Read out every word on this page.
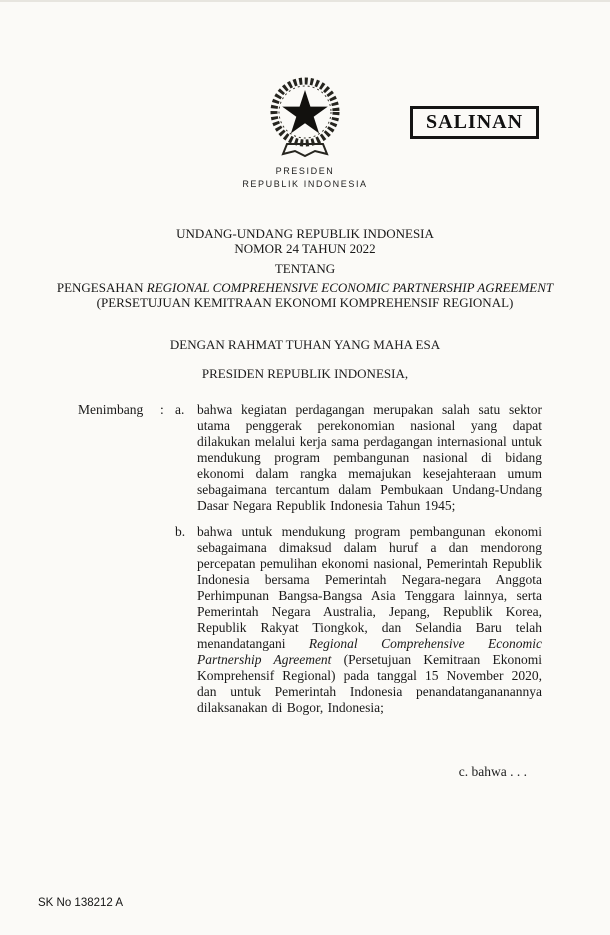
SALINAN
PRESIDEN
REPUBLIK INDONESIA
UNDANG-UNDANG REPUBLIK INDONESIA
NOMOR 24 TAHUN 2022
TENTANG
PENGESAHAN REGIONAL COMPREHENSIVE ECONOMIC PARTNERSHIP AGREEMENT
(PERSETUJUAN KEMITRAAN EKONOMI KOMPREHENSIF REGIONAL)
DENGAN RAHMAT TUHAN YANG MAHA ESA
PRESIDEN REPUBLIK INDONESIA,
Menimbang	: a. bahwa kegiatan perdagangan merupakan salah satu sektor utama penggerak perekonomian nasional yang dapat dilakukan melalui kerja sama perdagangan internasional untuk mendukung program pembangunan nasional di bidang ekonomi dalam rangka memajukan kesejahteraan umum sebagaimana tercantum dalam Pembukaan Undang-Undang Dasar Negara Republik Indonesia Tahun 1945;
b. bahwa untuk mendukung program pembangunan ekonomi sebagaimana dimaksud dalam huruf a dan mendorong percepatan pemulihan ekonomi nasional, Pemerintah Republik Indonesia bersama Pemerintah Negara-negara Anggota Perhimpunan Bangsa-Bangsa Asia Tenggara lainnya, serta Pemerintah Negara Australia, Jepang, Republik Korea, Republik Rakyat Tiongkok, dan Selandia Baru telah menandatangani Regional Comprehensive Economic Partnership Agreement (Persetujuan Kemitraan Ekonomi Komprehensif Regional) pada tanggal 15 November 2020, dan untuk Pemerintah Indonesia penandatangananannya dilaksanakan di Bogor, Indonesia;
c. bahwa . . .
SK No 138212 A
